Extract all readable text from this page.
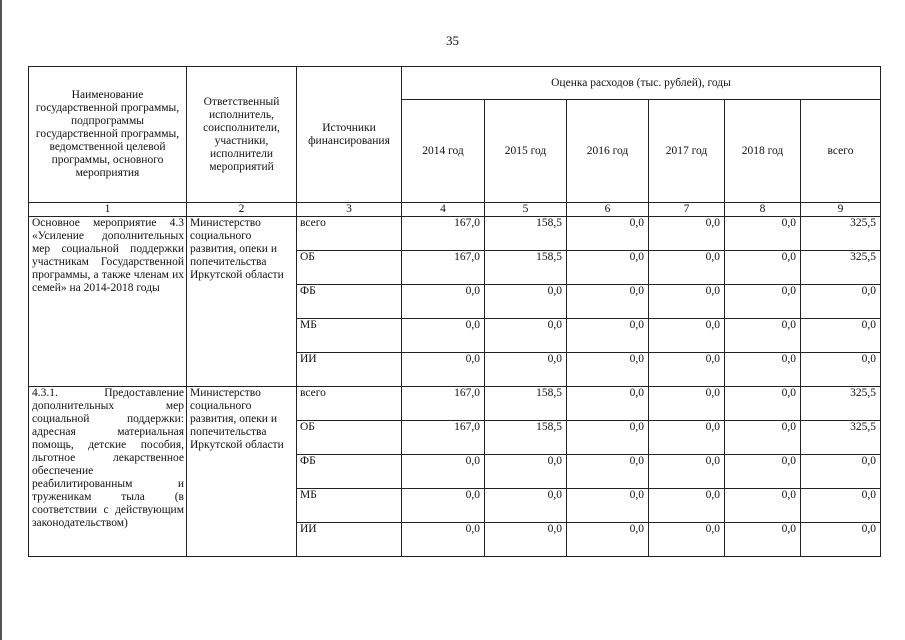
35
Наименование государственной программы, подпрограммы государственной программы, ведомственной целевой программы, основного мероприятия	Ответственный исполнитель, соисполнители, участники, исполнители мероприятий	Источники финансирования	Оценка расходов (тыс. рублей), годы					
			2014 год	2015 год	2016 год	2017 год	2018 год	всего
1	2	3	4	5	6	7	8	9
Основное мероприятие 4.3 «Усиление дополнительных мер социальной поддержки участникам Государственной программы, а также членам их семей» на 2014-2018 годы	Министерство социального развития, опеки и попечительства Иркутской области	всего	167,0	158,5	0,0	0,0	0,0	325,5
		ОБ	167,0	158,5	0,0	0,0	0,0	325,5
		ФБ	0,0	0,0	0,0	0,0	0,0	0,0
		МБ	0,0	0,0	0,0	0,0	0,0	0,0
		ИИ	0,0	0,0	0,0	0,0	0,0	0,0
4.3.1. Предоставление дополнительных мер социальной поддержки: адресная материальная помощь, детские пособия, льготное лекарственное обеспечение реабилитированным и труженикам тыла (в соответствии с действующим законодательством)	Министерство социального развития, опеки и попечительства Иркутской области	всего	167,0	158,5	0,0	0,0	0,0	325,5
		ОБ	167,0	158,5	0,0	0,0	0,0	325,5
		ФБ	0,0	0,0	0,0	0,0	0,0	0,0
		МБ	0,0	0,0	0,0	0,0	0,0	0,0
		ИИ	0,0	0,0	0,0	0,0	0,0	0,0
